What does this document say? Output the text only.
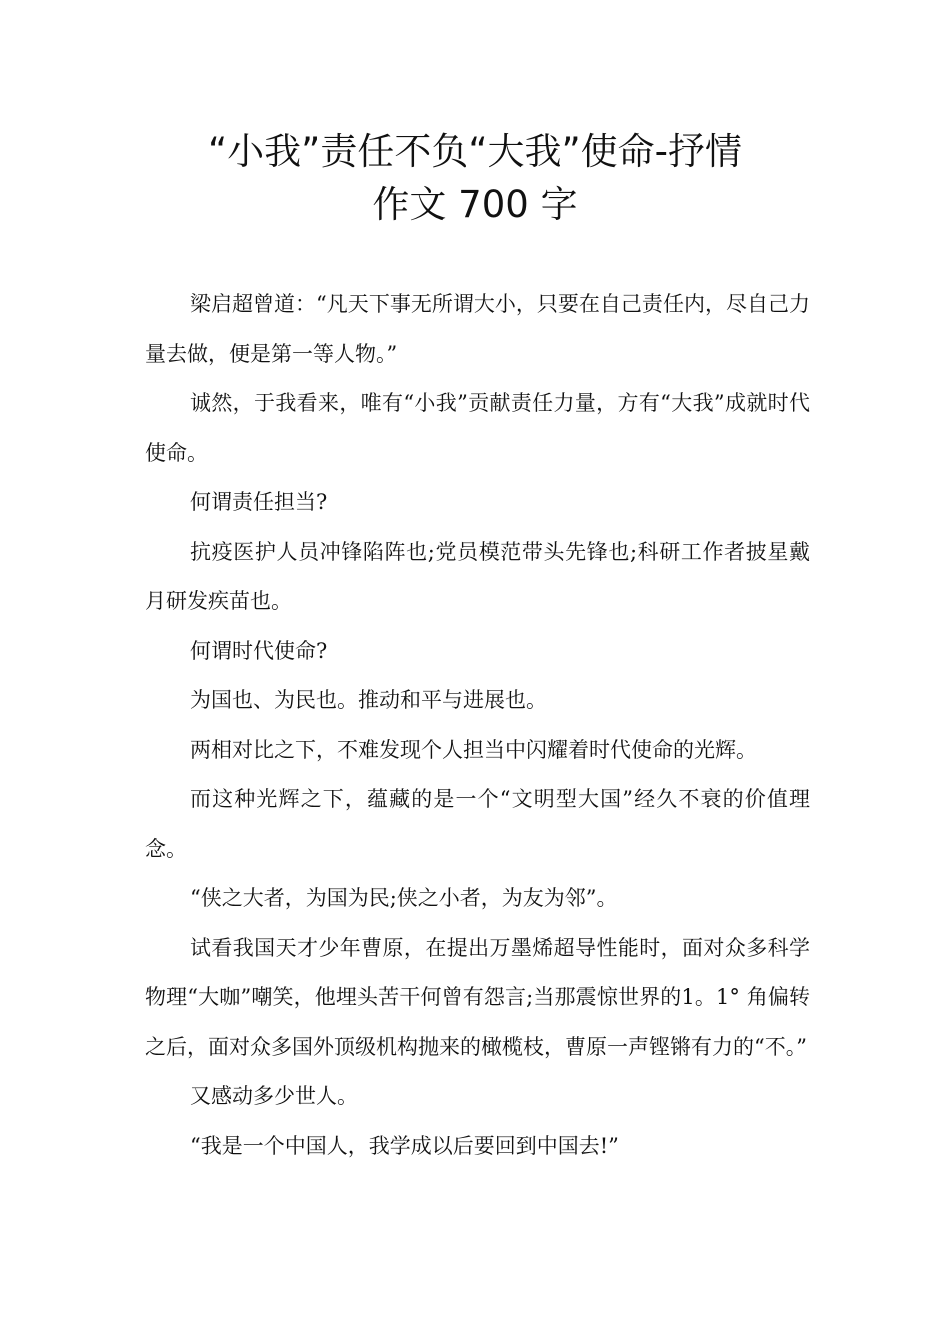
“小我”责任不负“大我”使命-抒情
作文 700 字

梁启超曾道：“凡天下事无所谓大小，只要在自己责任内，尽自己力量去做，便是第一等人物。”

诚然，于我看来，唯有“小我”贡献责任力量，方有“大我”成就时代使命。

何谓责任担当?

抗疫医护人员冲锋陷阵也;党员模范带头先锋也;科研工作者披星戴月研发疾苗也。

何谓时代使命?

为国也、为民也。推动和平与进展也。

两相对比之下，不难发现个人担当中闪耀着时代使命的光辉。

而这种光辉之下，蕴藏的是一个“文明型大国”经久不衰的价值理念。

“侠之大者，为国为民;侠之小者，为友为邻”。

试看我国天才少年曹原，在提出万墨烯超导性能时，面对众多科学物理“大咖”嘲笑，他埋头苦干何曾有怨言;当那震惊世界的1。1° 角偏转之后，面对众多国外顶级机构抛来的橄榄枝，曹原一声铿锵有力的“不。”

又感动多少世人。

“我是一个中国人，我学成以后要回到中国去!”
